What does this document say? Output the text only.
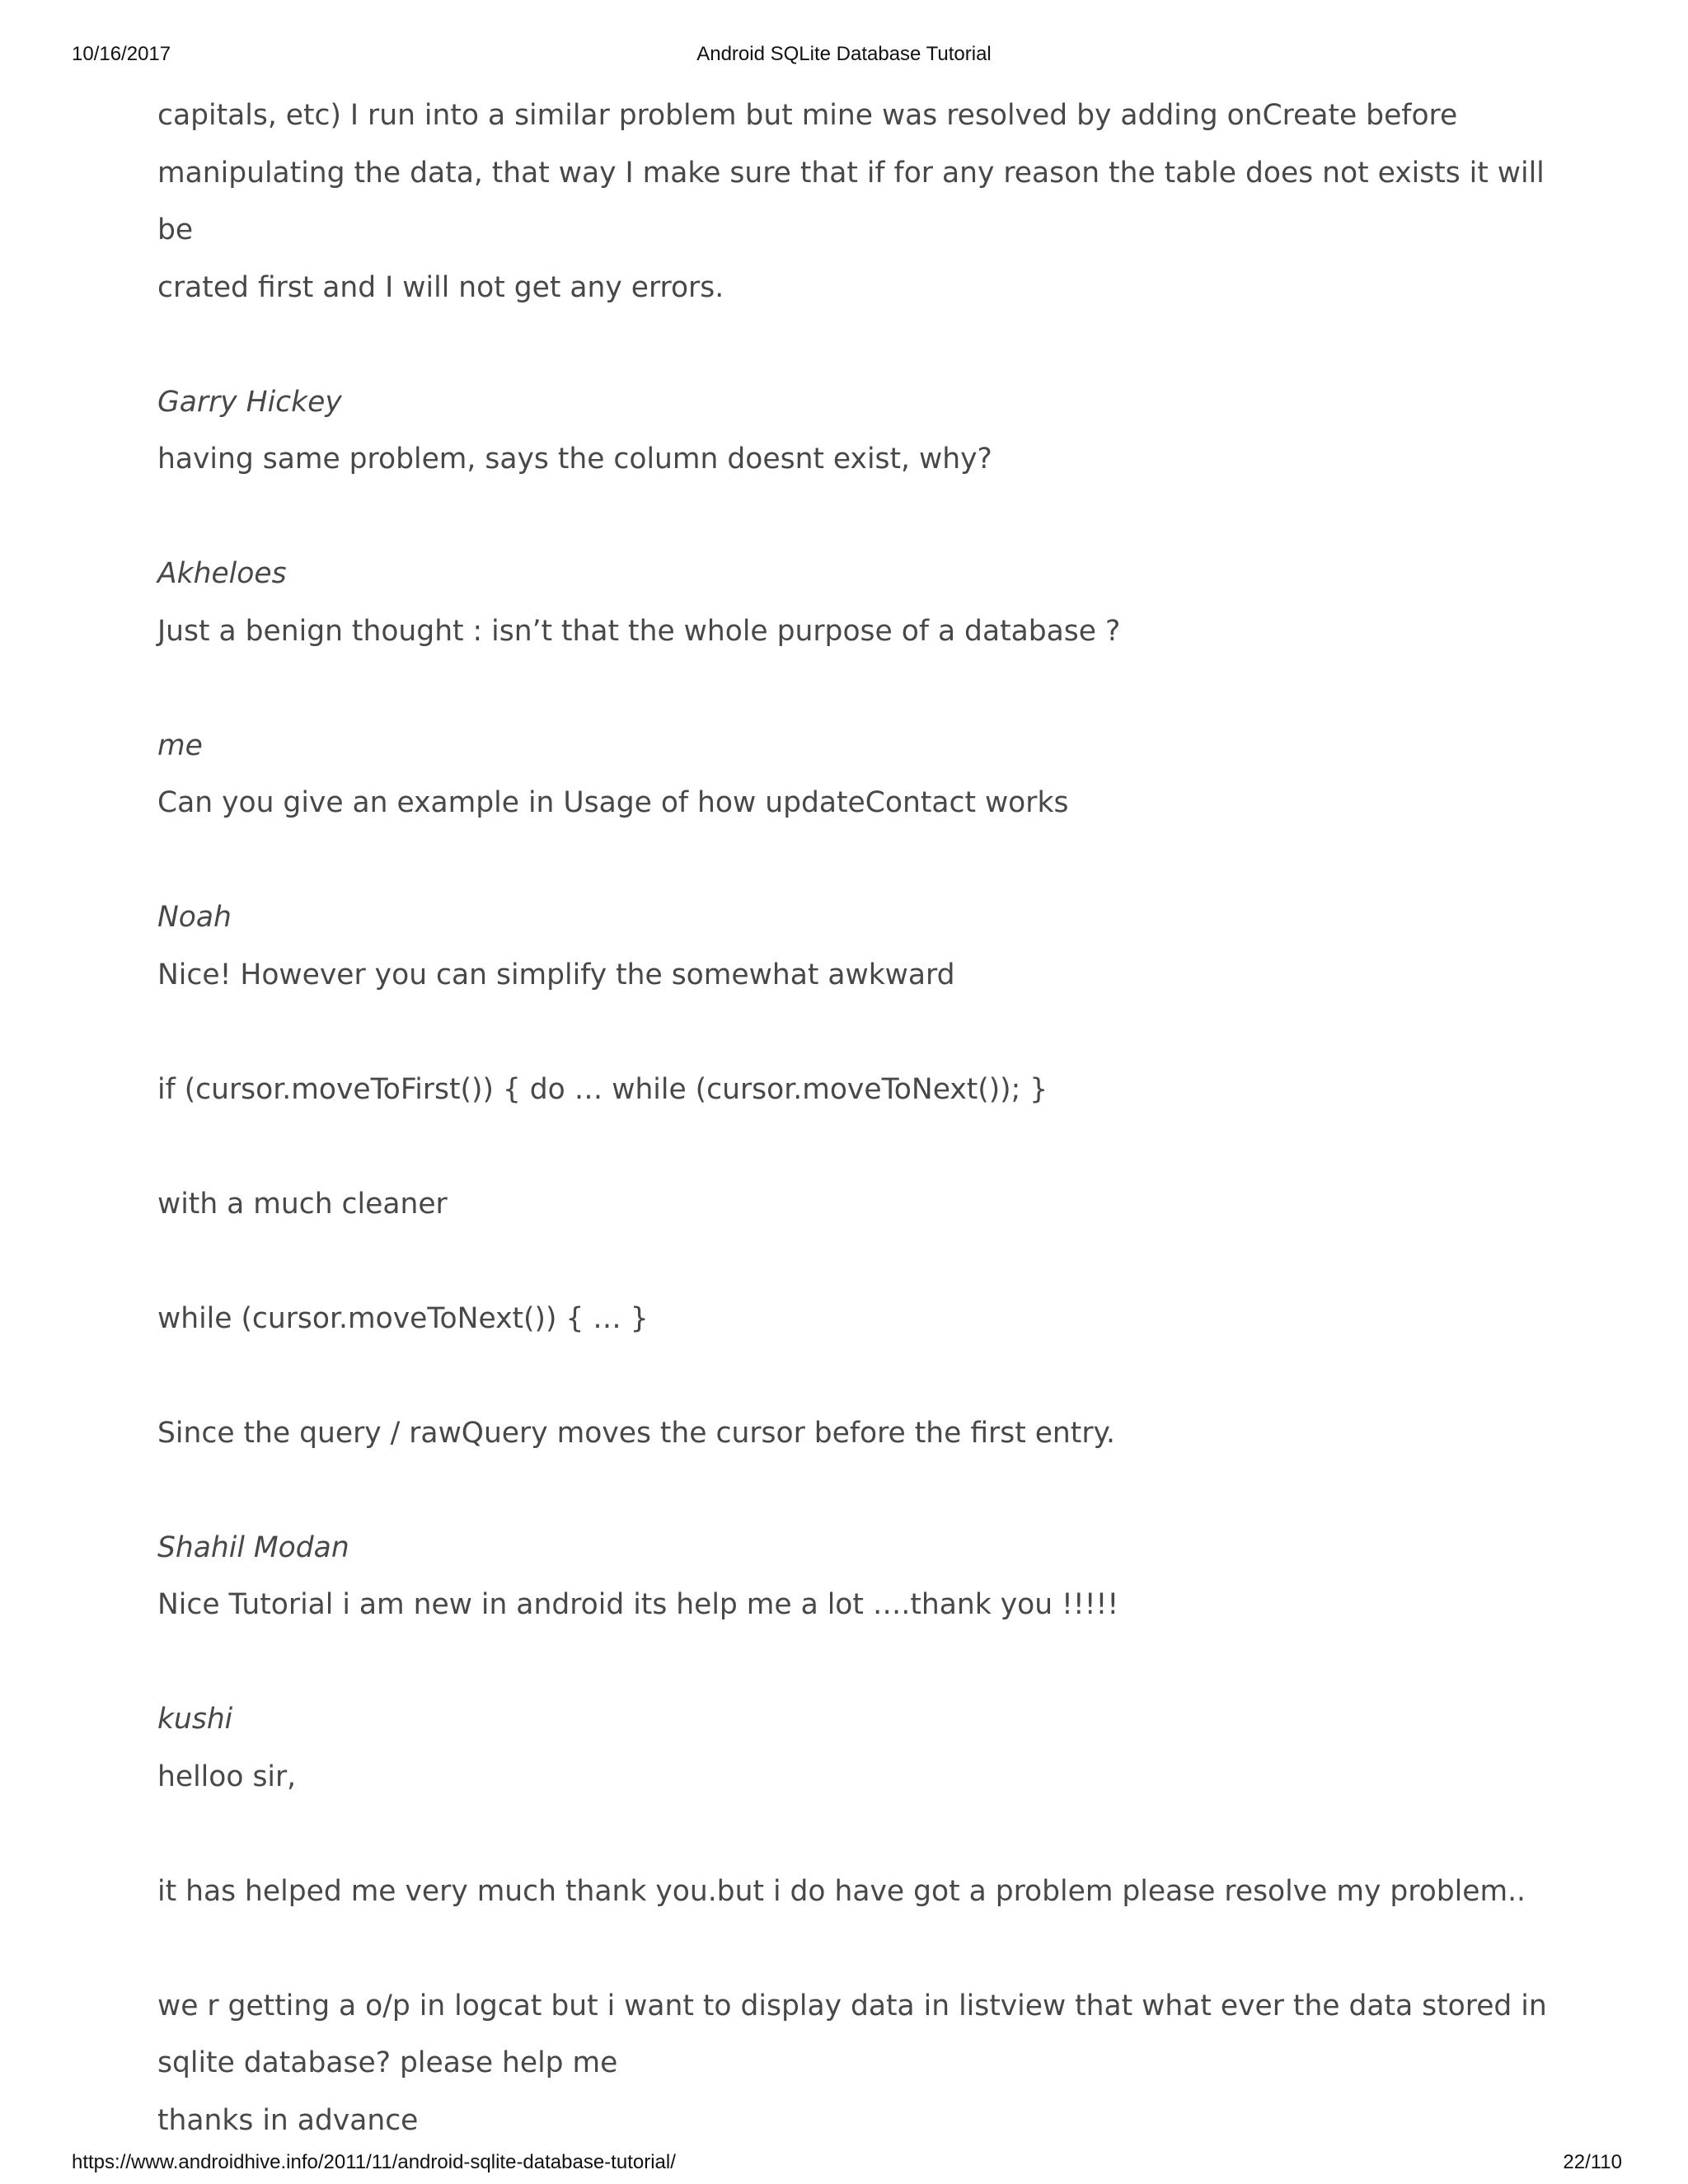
10/16/2017	Android SQLite Database Tutorial

capitals, etc) I run into a similar problem but mine was resolved by adding onCreate before

manipulating the data, that way I make sure that if for any reason the table does not exists it will be

crated first and I will not get any errors.

Garry Hickey

having same problem, says the column doesnt exist, why?

Akheloes

Just a benign thought : isn’t that the whole purpose of a database ?

me

Can you give an example in Usage of how updateContact works

Noah

Nice! However you can simplify the somewhat awkward

if (cursor.moveToFirst()) { do … while (cursor.moveToNext()); }

with a much cleaner

while (cursor.moveToNext()) { … }

Since the query / rawQuery moves the cursor before the first entry.

Shahil Modan

Nice Tutorial i am new in android its help me a lot ….thank you !!!!!

kushi

helloo sir,

it has helped me very much thank you.but i do have got a problem please resolve my problem..

we r getting a o/p in logcat but i want to display data in listview that what ever the data stored in

sqlite database? please help me

thanks in advance

https://www.androidhive.info/2011/11/android-sqlite-database-tutorial/	22/110
